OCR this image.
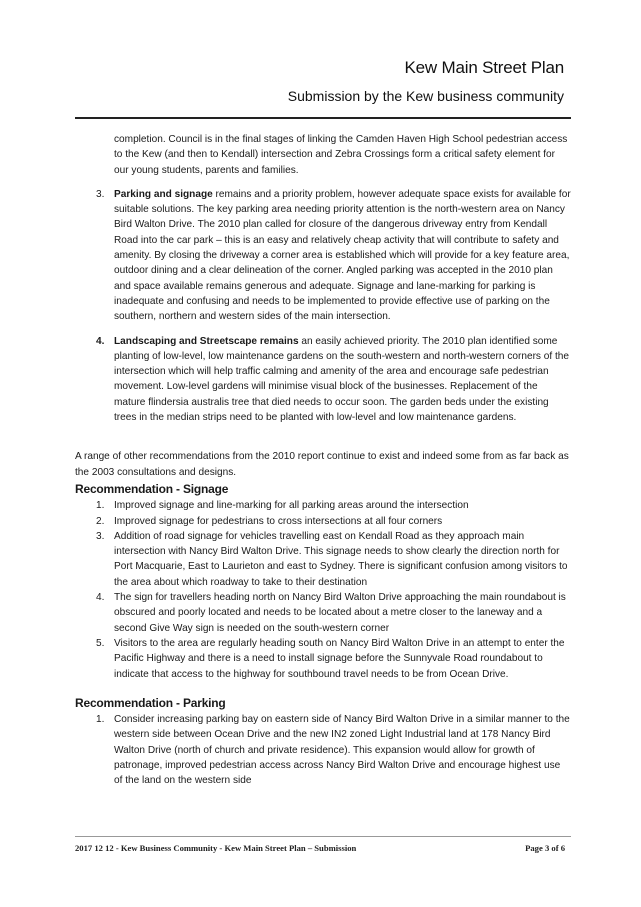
Kew Main Street Plan
Submission by the Kew business community
completion. Council is in the final stages of linking the Camden Haven High School pedestrian access to the Kew (and then to Kendall) intersection and Zebra Crossings form a critical safety element for our young students, parents and families.
3. Parking and signage remains and a priority problem, however adequate space exists for available for suitable solutions. The key parking area needing priority attention is the north-western area on Nancy Bird Walton Drive. The 2010 plan called for closure of the dangerous driveway entry from Kendall Road into the car park – this is an easy and relatively cheap activity that will contribute to safety and amenity. By closing the driveway a corner area is established which will provide for a key feature area, outdoor dining and a clear delineation of the corner. Angled parking was accepted in the 2010 plan and space available remains generous and adequate. Signage and lane-marking for parking is inadequate and confusing and needs to be implemented to provide effective use of parking on the southern, northern and western sides of the main intersection.
4. Landscaping and Streetscape remains an easily achieved priority. The 2010 plan identified some planting of low-level, low maintenance gardens on the south-western and north-western corners of the intersection which will help traffic calming and amenity of the area and encourage safe pedestrian movement. Low-level gardens will minimise visual block of the businesses. Replacement of the mature flindersia australis tree that died needs to occur soon. The garden beds under the existing trees in the median strips need to be planted with low-level and low maintenance gardens.
A range of other recommendations from the 2010 report continue to exist and indeed some from as far back as the 2003 consultations and designs.
Recommendation - Signage
1. Improved signage and line-marking for all parking areas around the intersection
2. Improved signage for pedestrians to cross intersections at all four corners
3. Addition of road signage for vehicles travelling east on Kendall Road as they approach main intersection with Nancy Bird Walton Drive. This signage needs to show clearly the direction north for Port Macquarie, East to Laurieton and east to Sydney. There is significant confusion among visitors to the area about which roadway to take to their destination
4. The sign for travellers heading north on Nancy Bird Walton Drive approaching the main roundabout is obscured and poorly located and needs to be located about a metre closer to the laneway and a second Give Way sign is needed on the south-western corner
5. Visitors to the area are regularly heading south on Nancy Bird Walton Drive in an attempt to enter the Pacific Highway and there is a need to install signage before the Sunnyvale Road roundabout to indicate that access to the highway for southbound travel needs to be from Ocean Drive.
Recommendation - Parking
1. Consider increasing parking bay on eastern side of Nancy Bird Walton Drive in a similar manner to the western side between Ocean Drive and the new IN2 zoned Light Industrial land at 178 Nancy Bird Walton Drive (north of church and private residence). This expansion would allow for growth of patronage, improved pedestrian access across Nancy Bird Walton Drive and encourage highest use of the land on the western side
2017 12 12 - Kew Business Community - Kew Main Street Plan – Submission	Page 3 of 6
